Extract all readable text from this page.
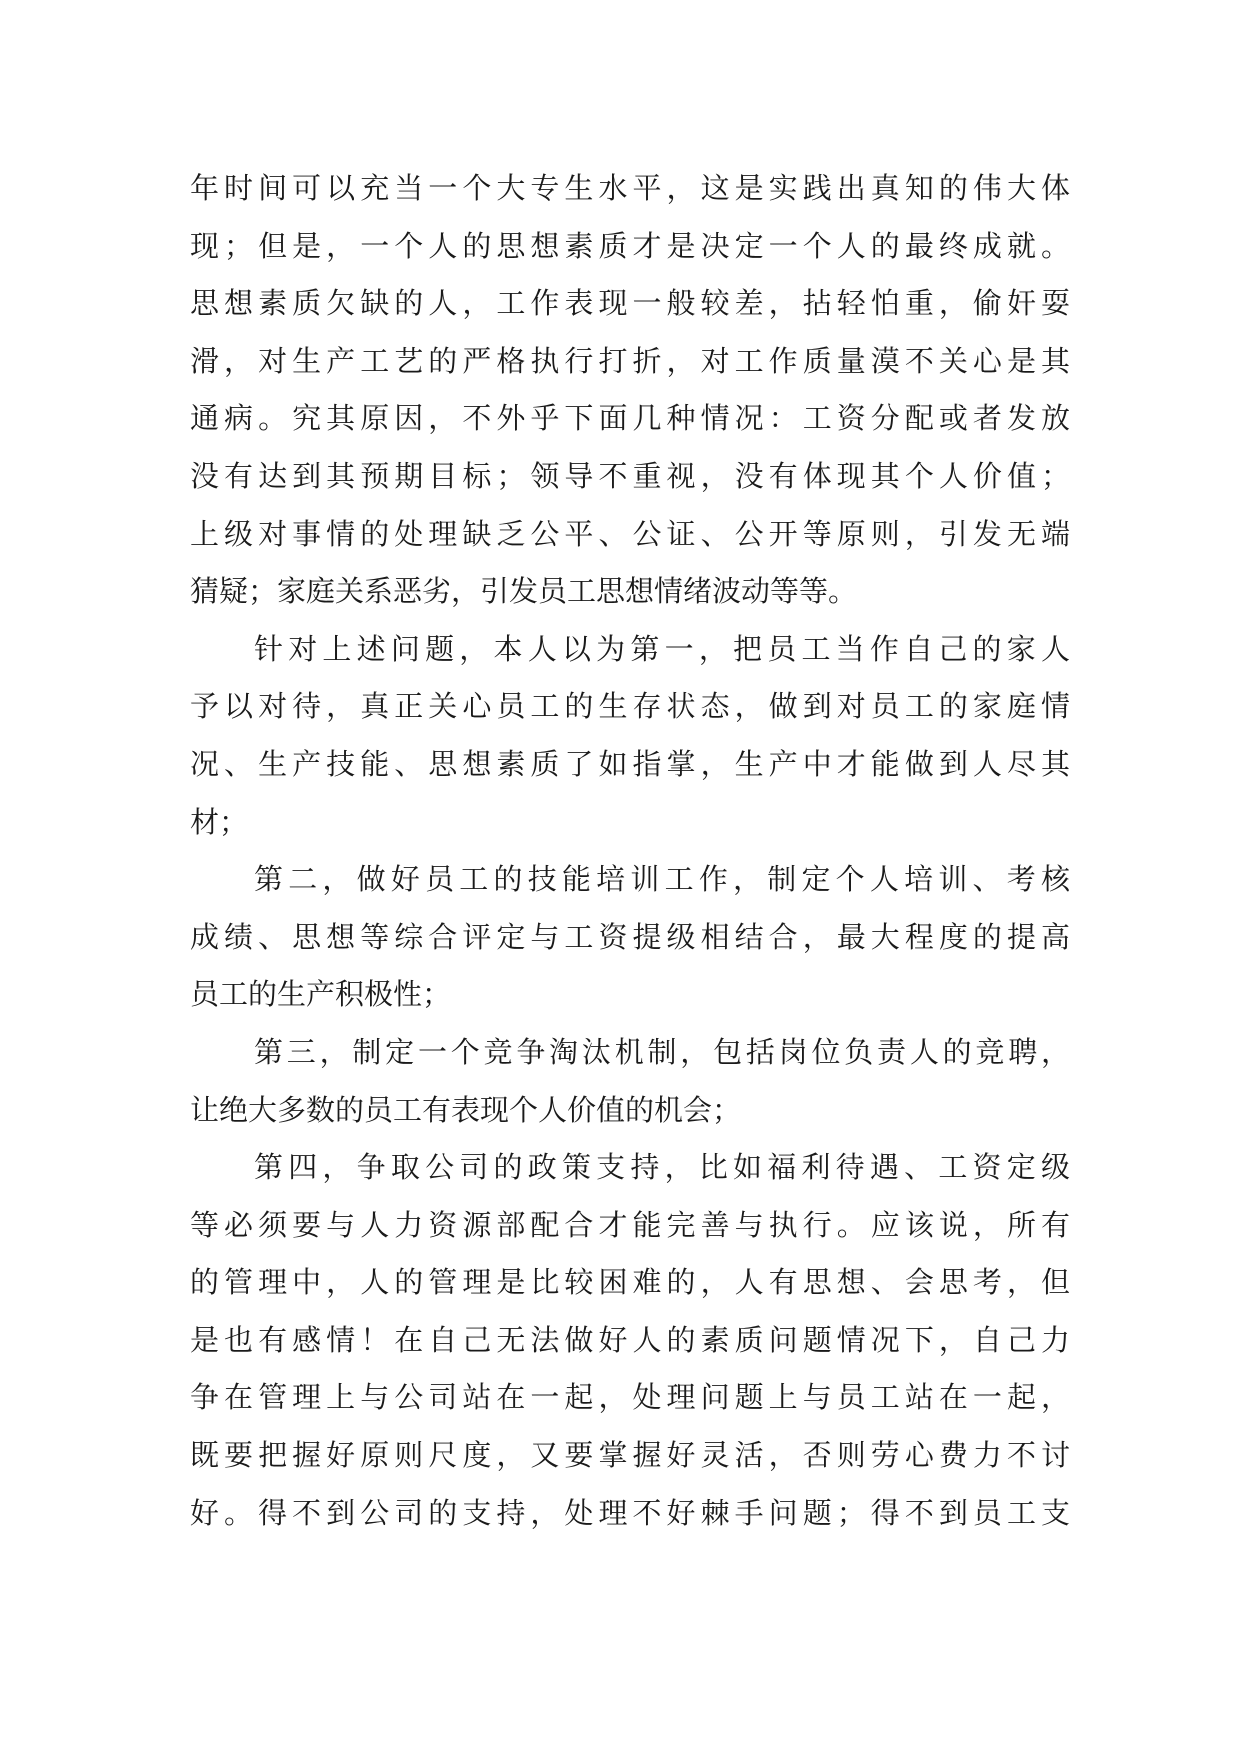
年时间可以充当一个大专生水平，这是实践出真知的伟大体
现；但是，一个人的思想素质才是决定一个人的最终成就。
思想素质欠缺的人，工作表现一般较差，拈轻怕重，偷奸耍
滑，对生产工艺的严格执行打折，对工作质量漠不关心是其
通病。究其原因，不外乎下面几种情况：工资分配或者发放
没有达到其预期目标；领导不重视，没有体现其个人价值；
上级对事情的处理缺乏公平、公证、公开等原则，引发无端
猜疑；家庭关系恶劣，引发员工思想情绪波动等等。
针对上述问题，本人以为第一，把员工当作自己的家人
予以对待，真正关心员工的生存状态，做到对员工的家庭情
况、生产技能、思想素质了如指掌，生产中才能做到人尽其
材；
第二，做好员工的技能培训工作，制定个人培训、考核
成绩、思想等综合评定与工资提级相结合，最大程度的提高
员工的生产积极性；
第三，制定一个竞争淘汰机制，包括岗位负责人的竞聘，
让绝大多数的员工有表现个人价值的机会；
第四，争取公司的政策支持，比如福利待遇、工资定级
等必须要与人力资源部配合才能完善与执行。应该说，所有
的管理中，人的管理是比较困难的，人有思想、会思考，但
是也有感情！在自己无法做好人的素质问题情况下，自己力
争在管理上与公司站在一起，处理问题上与员工站在一起，
既要把握好原则尺度，又要掌握好灵活，否则劳心费力不讨
好。得不到公司的支持，处理不好棘手问题；得不到员工支
